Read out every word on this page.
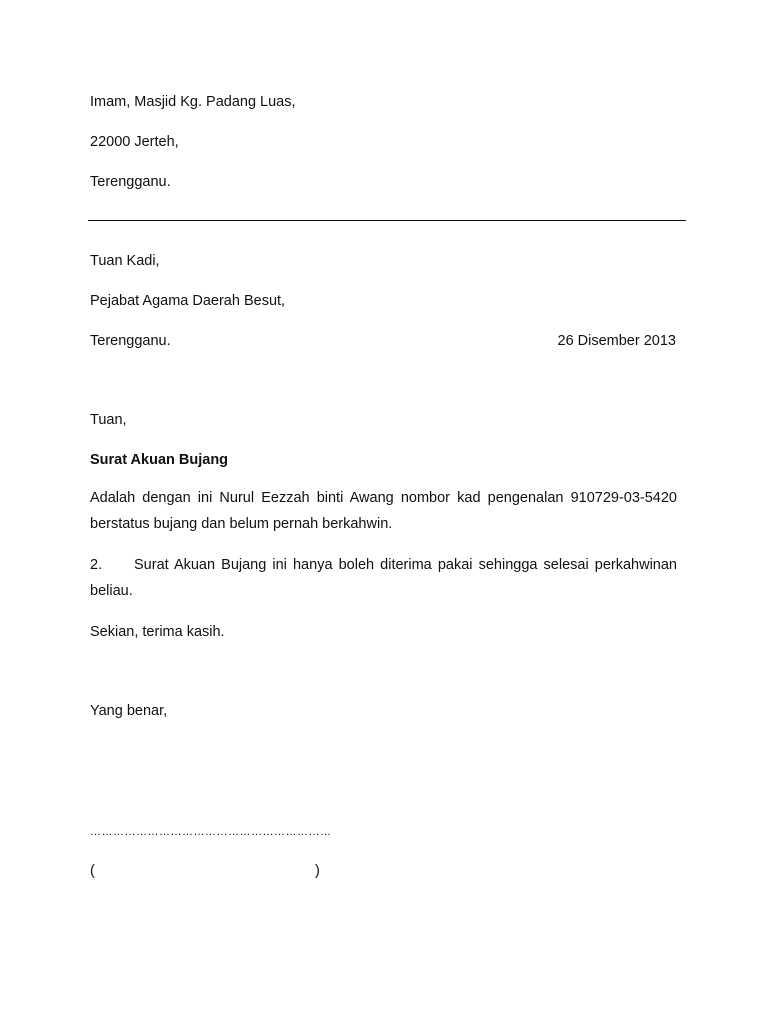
Imam, Masjid Kg. Padang Luas,
22000 Jerteh,
Terengganu.
Tuan Kadi,
Pejabat Agama Daerah Besut,
Terengganu.	26 Disember 2013
Tuan,
Surat Akuan Bujang
Adalah dengan ini Nurul Eezzah binti Awang nombor kad pengenalan 910729-03-5420 berstatus bujang dan belum pernah berkahwin.
2. Surat Akuan Bujang ini hanya boleh diterima pakai sehingga selesai perkahwinan beliau.
Sekian, terima kasih.
Yang benar,
………………………………………………………
(	)
